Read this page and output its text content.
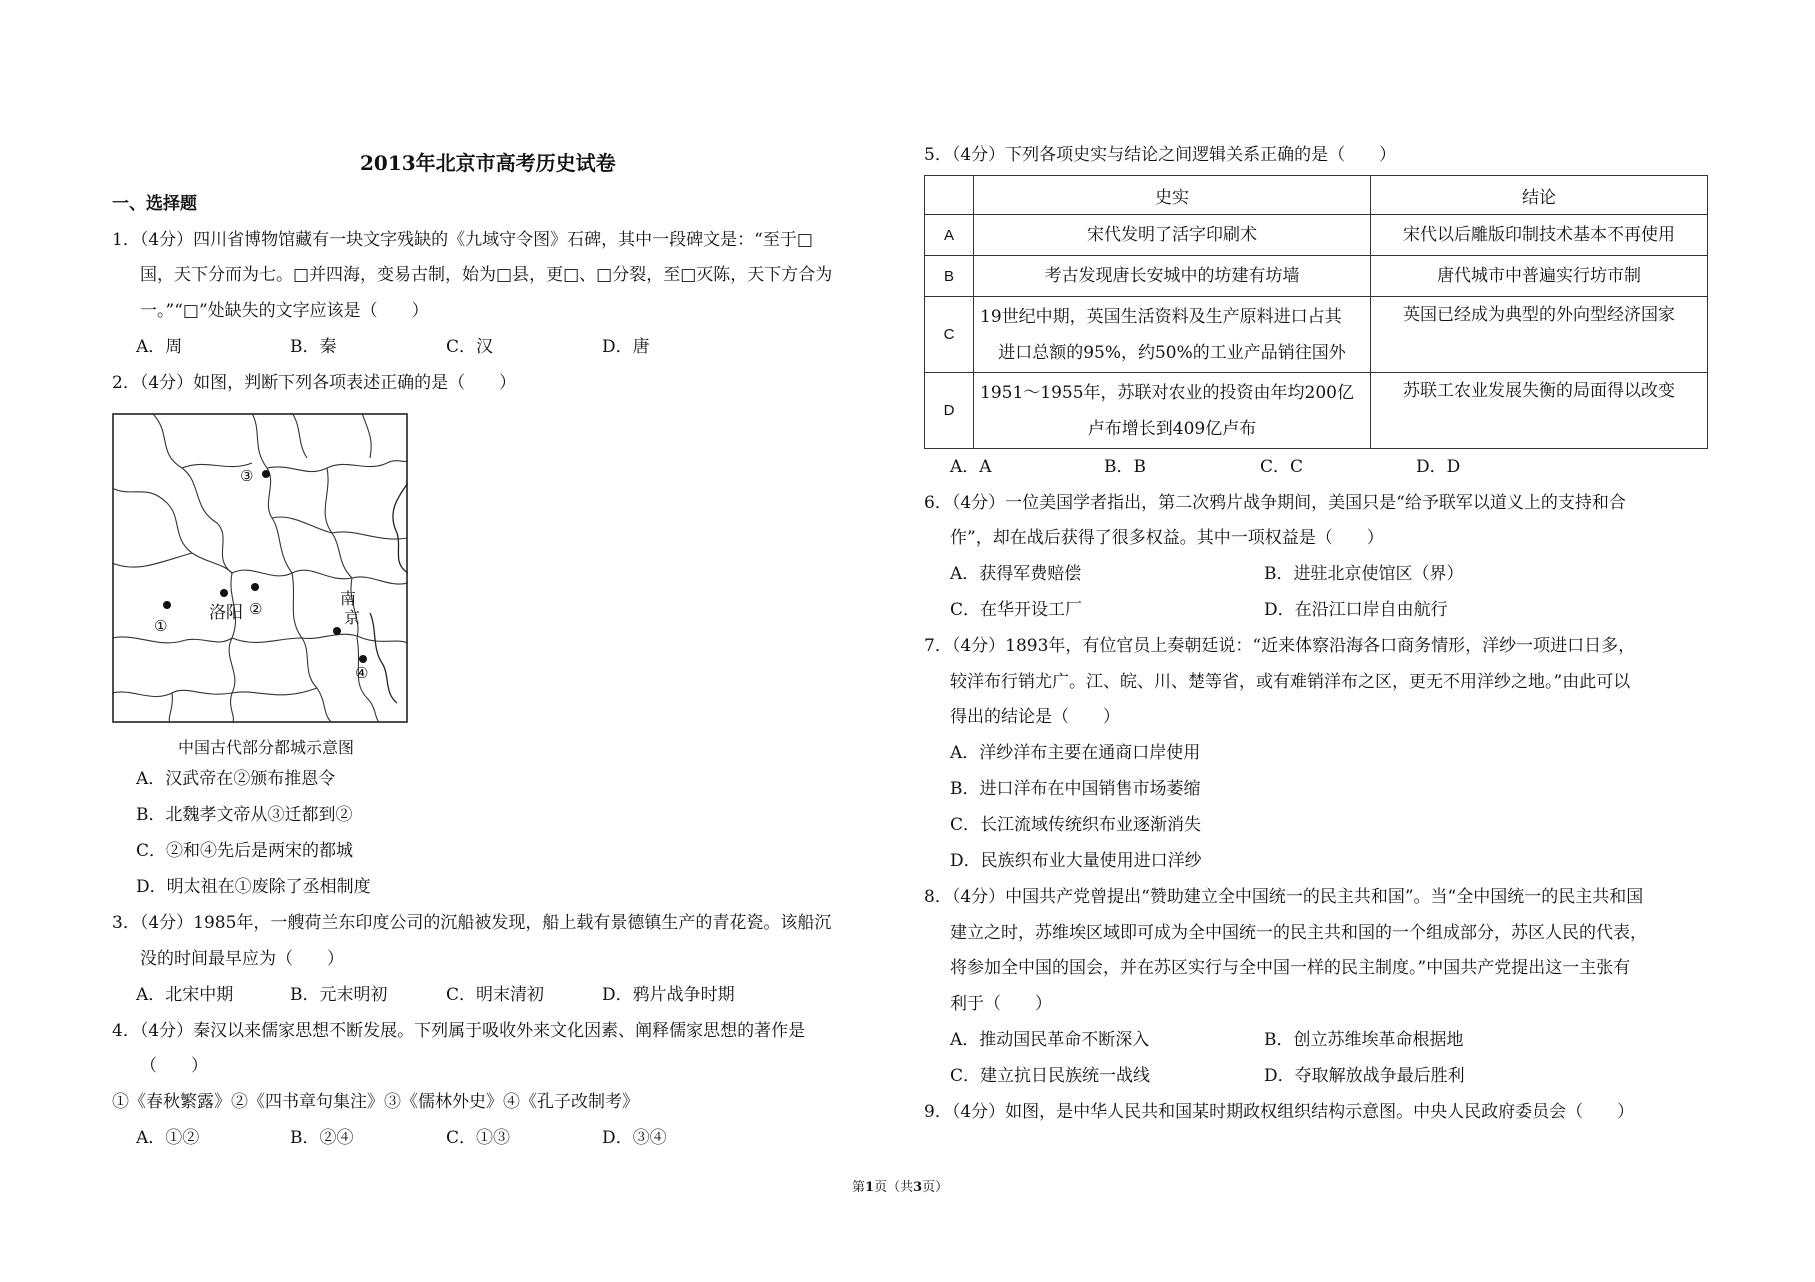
2013年北京市高考历史试卷
一、选择题
1．（4分）四川省博物馆藏有一块文字残缺的《九域守令图》石碑，其中一段碑文是：“至于□
国，天下分而为七。□并四海，变易古制，始为□县，更□、□分裂，至□灭陈，天下方合为
一。”“□”处缺失的文字应该是（　　）
A．周	B．秦	C．汉	D．唐
2．（4分）如图，判断下列各项表述正确的是（　　）
③
洛阳 ②
①
南
京
④
中国古代部分都城示意图
A．汉武帝在②颁布推恩令
B．北魏孝文帝从③迁都到②
C．②和④先后是两宋的都城
D．明太祖在①废除了丞相制度
3．（4分）1985年，一艘荷兰东印度公司的沉船被发现，船上载有景德镇生产的青花瓷。该船沉
没的时间最早应为（　　）
A．北宋中期	B．元末明初	C．明末清初	D．鸦片战争时期
4．（4分）秦汉以来儒家思想不断发展。下列属于吸收外来文化因素、阐释儒家思想的著作是
（　　）
①《春秋繁露》②《四书章句集注》③《儒林外史》④《孔子改制考》
A．①②	B．②④	C．①③	D．③④
5．（4分）下列各项史实与结论之间逻辑关系正确的是（　　）
	史实	结论
A	宋代发明了活字印刷术	宋代以后雕版印制技术基本不再使用
B	考古发现唐长安城中的坊建有坊墙	唐代城市中普遍实行坊市制
C	19世纪中期，英国生活资料及生产原料进口占其
进口总额的95%，约50%的工业产品销往国外	英国已经成为典型的外向型经济国家
D	1951～1955年，苏联对农业的投资由年均200亿
卢布增长到409亿卢布	苏联工农业发展失衡的局面得以改变
A．A	B．B	C．C	D．D
6．（4分）一位美国学者指出，第二次鸦片战争期间，美国只是“给予联军以道义上的支持和合
作”，却在战后获得了很多权益。其中一项权益是（　　）
A．获得军费赔偿	B．进驻北京使馆区（界）
C．在华开设工厂	D．在沿江口岸自由航行
7．（4分）1893年，有位官员上奏朝廷说：“近来体察沿海各口商务情形，洋纱一项进口日多，
较洋布行销尤广。江、皖、川、楚等省，或有难销洋布之区，更无不用洋纱之地。”由此可以
得出的结论是（　　）
A．洋纱洋布主要在通商口岸使用
B．进口洋布在中国销售市场萎缩
C．长江流域传统织布业逐渐消失
D．民族织布业大量使用进口洋纱
8．（4分）中国共产党曾提出“赞助建立全中国统一的民主共和国”。当“全中国统一的民主共和国
建立之时，苏维埃区域即可成为全中国统一的民主共和国的一个组成部分，苏区人民的代表，
将参加全中国的国会，并在苏区实行与全中国一样的民主制度。”中国共产党提出这一主张有
利于（　　）
A．推动国民革命不断深入	B．创立苏维埃革命根据地
C．建立抗日民族统一战线	D．夺取解放战争最后胜利
9．（4分）如图，是中华人民共和国某时期政权组织结构示意图。中央人民政府委员会（　　）
第1页（共3页）
